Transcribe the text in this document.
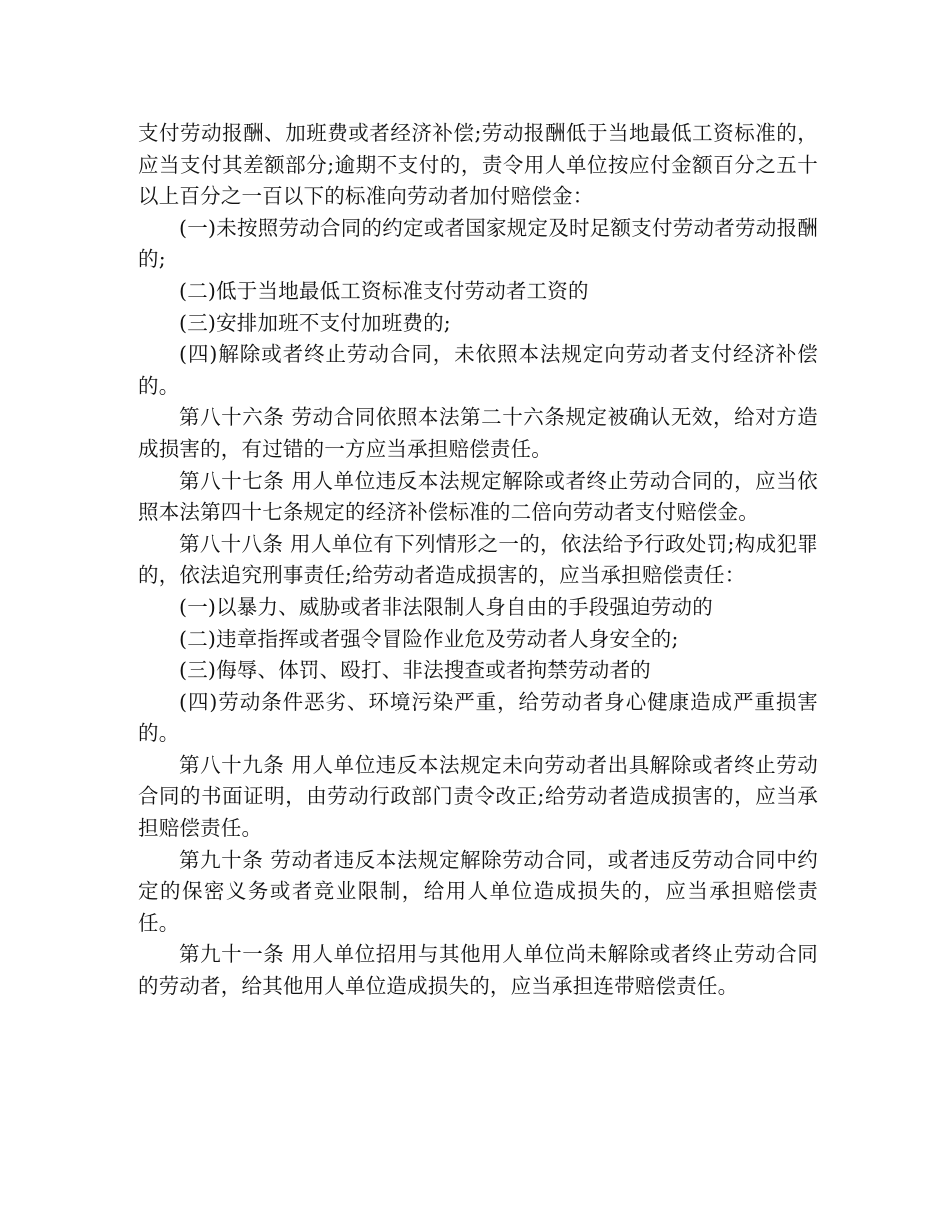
支付劳动报酬、加班费或者经济补偿;劳动报酬低于当地最低工资标准的，应当支付其差额部分;逾期不支付的，责令用人单位按应付金额百分之五十以上百分之一百以下的标准向劳动者加付赔偿金：

(一)未按照劳动合同的约定或者国家规定及时足额支付劳动者劳动报酬的;

(二)低于当地最低工资标准支付劳动者工资的

(三)安排加班不支付加班费的;

(四)解除或者终止劳动合同，未依照本法规定向劳动者支付经济补偿的。

第八十六条 劳动合同依照本法第二十六条规定被确认无效，给对方造成损害的，有过错的一方应当承担赔偿责任。

第八十七条 用人单位违反本法规定解除或者终止劳动合同的，应当依照本法第四十七条规定的经济补偿标准的二倍向劳动者支付赔偿金。

第八十八条 用人单位有下列情形之一的，依法给予行政处罚;构成犯罪的，依法追究刑事责任;给劳动者造成损害的，应当承担赔偿责任：

(一)以暴力、威胁或者非法限制人身自由的手段强迫劳动的

(二)违章指挥或者强令冒险作业危及劳动者人身安全的;

(三)侮辱、体罚、殴打、非法搜查或者拘禁劳动者的

(四)劳动条件恶劣、环境污染严重，给劳动者身心健康造成严重损害的。

第八十九条 用人单位违反本法规定未向劳动者出具解除或者终止劳动合同的书面证明，由劳动行政部门责令改正;给劳动者造成损害的，应当承担赔偿责任。

第九十条 劳动者违反本法规定解除劳动合同，或者违反劳动合同中约定的保密义务或者竞业限制，给用人单位造成损失的，应当承担赔偿责任。

第九十一条 用人单位招用与其他用人单位尚未解除或者终止劳动合同的劳动者，给其他用人单位造成损失的，应当承担连带赔偿责任。
